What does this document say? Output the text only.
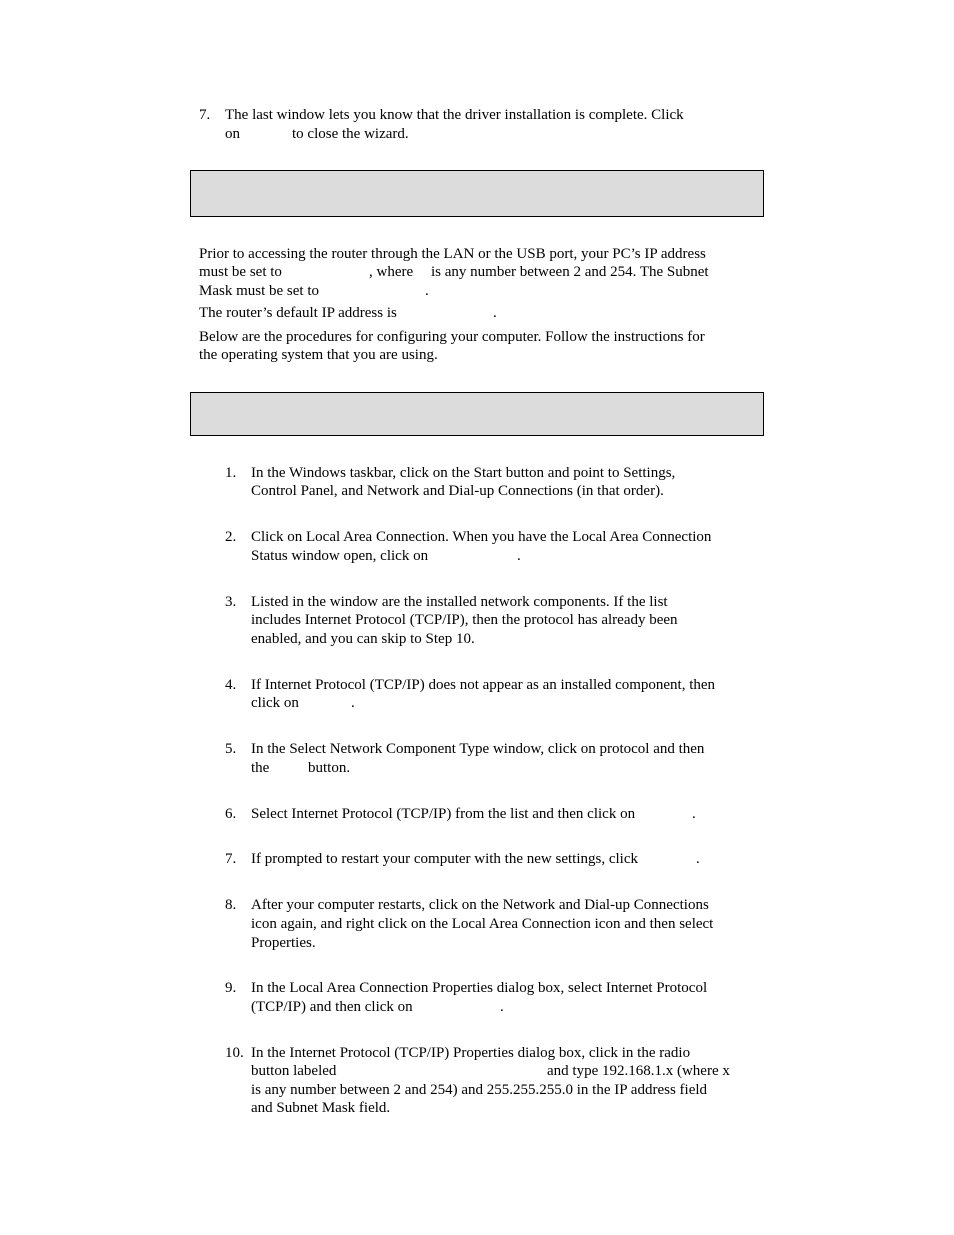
7. The last window lets you know that the driver installation is complete. Click
on	to close the wizard.
Prior to accessing the router through the LAN or the USB port, your PC’s IP address
must be set to	, where is any number between 2 and 254. The Subnet
Mask must be set to	.
The router’s default IP address is	.
Below are the procedures for configuring your computer. Follow the instructions for
the operating system that you are using.
1. In the Windows taskbar, click on the Start button and point to Settings,
Control Panel, and Network and Dial-up Connections (in that order).
2. Click on Local Area Connection. When you have the Local Area Connection
Status window open, click on	.
3. Listed in the window are the installed network components. If the list
includes Internet Protocol (TCP/IP), then the protocol has already been
enabled, and you can skip to Step 10.
4. If Internet Protocol (TCP/IP) does not appear as an installed component, then
click on	.
5. In the Select Network Component Type window, click on protocol and then
the	button.
6. Select Internet Protocol (TCP/IP) from the list and then click on	.
7. If prompted to restart your computer with the new settings, click	.
8. After your computer restarts, click on the Network and Dial-up Connections
icon again, and right click on the Local Area Connection icon and then select
Properties.
9. In the Local Area Connection Properties dialog box, select Internet Protocol
(TCP/IP) and then click on	.
10. In the Internet Protocol (TCP/IP) Properties dialog box, click in the radio
button labeled	and type 192.168.1.x (where x
is any number between 2 and 254) and 255.255.255.0 in the IP address field
and Subnet Mask field.
